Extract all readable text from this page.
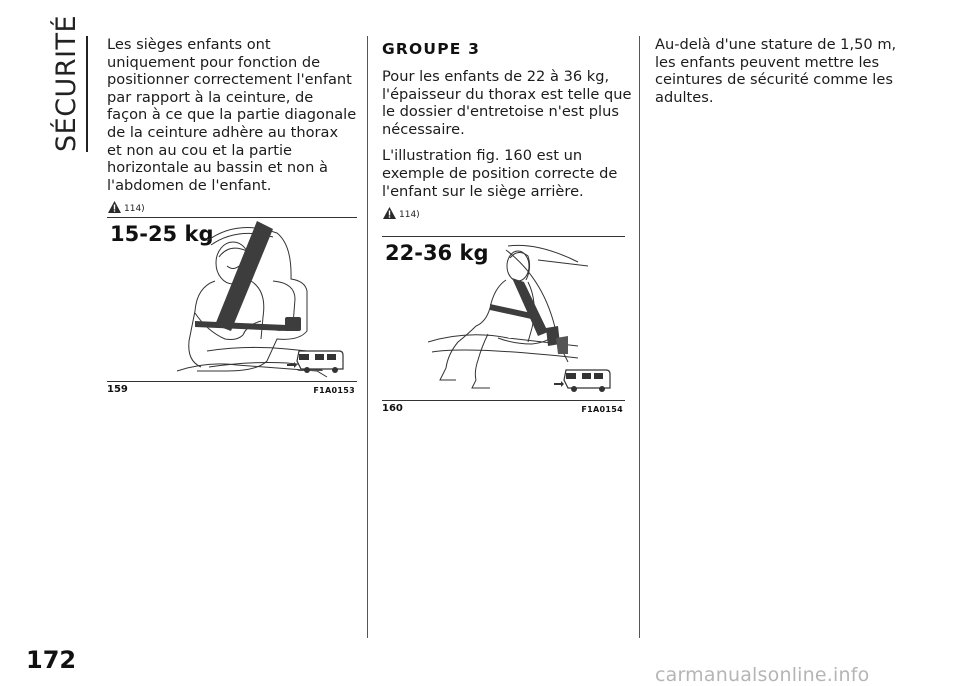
SÉCURITÉ Les sièges enfants ont uniquement pour fonction de positionner correctement l'enfant par rapport à la ceinture, de façon à ce que la partie diagonale de la ceinture adhère au thorax et non au cou et la partie horizontale au bassin et non à l'abdomen de l'enfant.

114)
15-25 kg
159	F1A0153

GROUPE 3

Pour les enfants de 22 à 36 kg, l'épaisseur du thorax est telle que le dossier d'entretoise n'est plus nécessaire.

L'illustration fig. 160 est un exemple de position correcte de l'enfant sur le siège arrière.

114)
22-36 kg
160	F1A0154

Au-delà d'une stature de 1,50 m, les enfants peuvent mettre les ceintures de sécurité comme les adultes.

172
carmanualsonline.info
